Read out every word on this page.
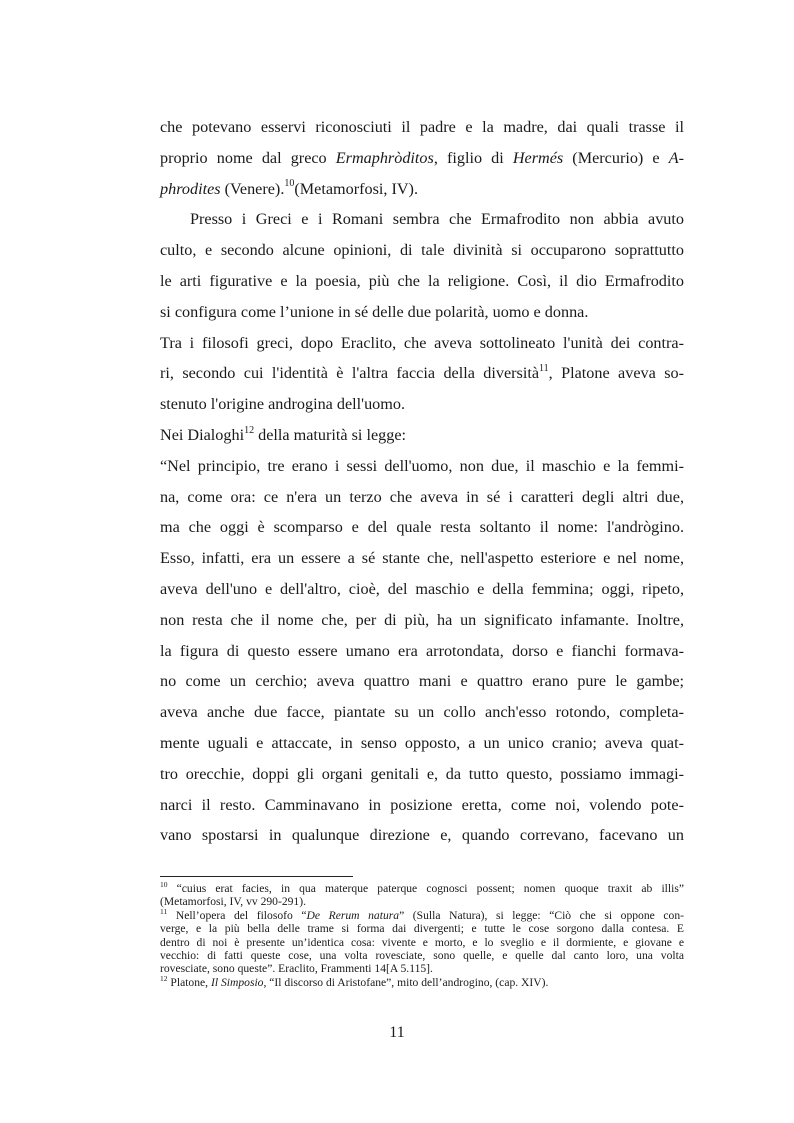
che potevano esservi riconosciuti il padre e la madre, dai quali trasse il
proprio nome dal greco Ermaphròditos, figlio di Hermés (Mercurio) e A-
phrodites (Venere).$^{10}$(Metamorfosi, IV).
Presso i Greci e i Romani sembra che Ermafrodito non abbia avuto
culto, e secondo alcune opinioni, di tale divinità si occuparono soprattutto
le arti figurative e la poesia, più che la religione. Così, il dio Ermafrodito
si configura come l’unione in sé delle due polarità, uomo e donna.
Tra i filosofi greci, dopo Eraclito, che aveva sottolineato l'unità dei contra-
ri, secondo cui l'identità è l'altra faccia della diversità$^{11}$, Platone aveva so-
stenuto l'origine androgina dell'uomo.
Nei Dialoghi$^{12}$ della maturità si legge:
“Nel principio, tre erano i sessi dell'uomo, non due, il maschio e la femmi-
na, come ora: ce n'era un terzo che aveva in sé i caratteri degli altri due,
ma che oggi è scomparso e del quale resta soltanto il nome: l'andrògino.
Esso, infatti, era un essere a sé stante che, nell'aspetto esteriore e nel nome,
aveva dell'uno e dell'altro, cioè, del maschio e della femmina; oggi, ripeto,
non resta che il nome che, per di più, ha un significato infamante. Inoltre,
la figura di questo essere umano era arrotondata, dorso e fianchi formava-
no come un cerchio; aveva quattro mani e quattro erano pure le gambe;
aveva anche due facce, piantate su un collo anch'esso rotondo, completa-
mente uguali e attaccate, in senso opposto, a un unico cranio; aveva quat-
tro orecchie, doppi gli organi genitali e, da tutto questo, possiamo immagi-
narci il resto. Camminavano in posizione eretta, come noi, volendo pote-
vano spostarsi in qualunque direzione e, quando correvano, facevano un
$^{10}$ “cuius erat facies, in qua materque paterque cognosci possent; nomen quoque traxit ab illis”
(Metamorfosi, IV, vv 290-291).
$^{11}$ Nell’opera del filosofo “De Rerum natura” (Sulla Natura), si legge: “Ciò che si oppone con-
verge, e la più bella delle trame si forma dai divergenti; e tutte le cose sorgono dalla contesa. E
dentro di noi è presente un’identica cosa: vivente e morto, e lo sveglio e il dormiente, e giovane e
vecchio: di fatti queste cose, una volta rovesciate, sono quelle, e quelle dal canto loro, una volta
rovesciate, sono queste”. Eraclito, Frammenti 14[A 5.115].
$^{12}$ Platone, Il Simposio, “Il discorso di Aristofane”, mito dell’androgino, (cap. XIV).
11
